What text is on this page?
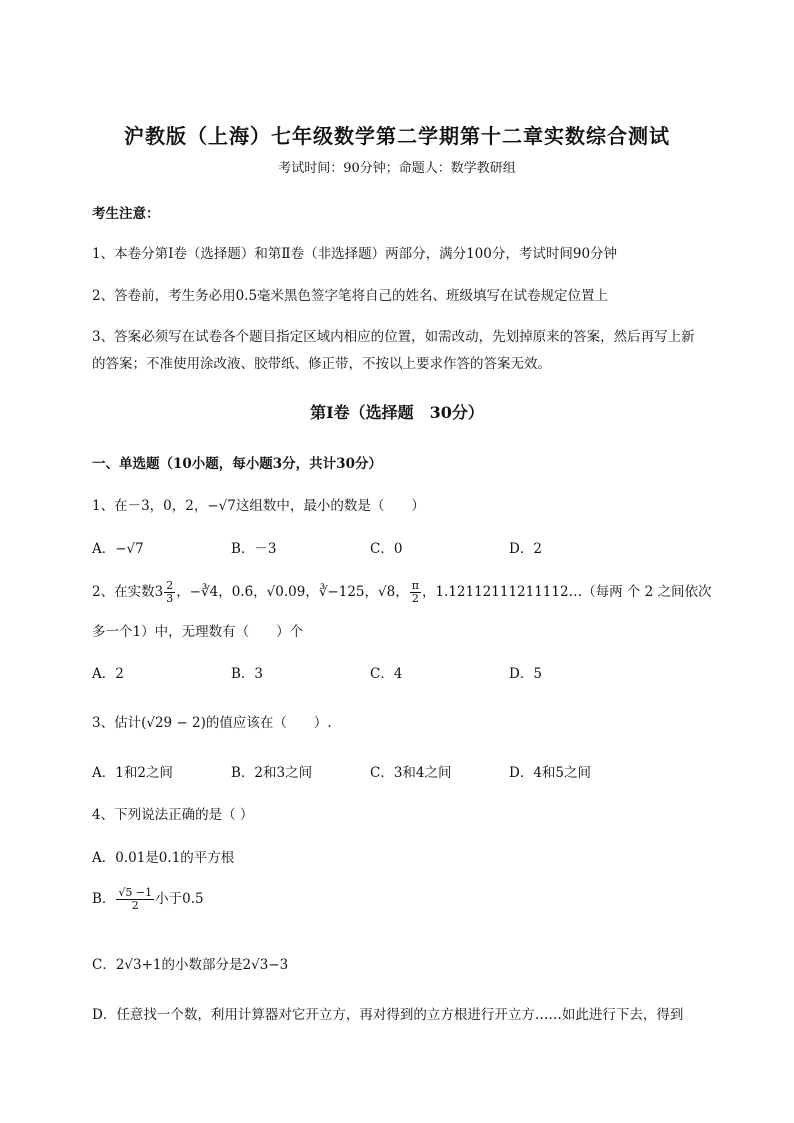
沪教版（上海）七年级数学第二学期第十二章实数综合测试
考试时间：90分钟；命题人：数学教研组
考生注意：
1、本卷分第I卷（选择题）和第Ⅱ卷（非选择题）两部分，满分100分，考试时间90分钟
2、答卷前，考生务必用0.5毫米黑色签字笔将自己的姓名、班级填写在试卷规定位置上
3、答案必须写在试卷各个题目指定区域内相应的位置，如需改动，先划掉原来的答案，然后再写上新
的答案；不准使用涂改液、胶带纸、修正带，不按以上要求作答的答案无效。
第I卷（选择题　30分）
一、单选题（10小题，每小题3分，共计30分）
1、在－3，0，2，−√7这组数中，最小的数是（　　）
A．−√7	B．－3	C．0	D．2
2、在实数$3 \frac{2}{3}$ ，−∛4，0.6̇，√0.09，∛−125，√8， $\frac{\pi}{2}$ ，1.12112111211112…（每两 个 2 之间依次
多一个1）中，无理数有（　　）个
A．2	B．3	C．4	D．5
3、估计(√29 − 2)的值应该在（　　）.
A．1和2之间	B．2和3之间	C．3和4之间	D．4和5之间
4、下列说法正确的是（ ）
A．0.01是0.1的平方根
B． $\frac{√5 -1}{2}$ 小于0.5
C．2√3+1的小数部分是2√3−3
D．任意找一个数，利用计算器对它开立方，再对得到的立方根进行开立方……如此进行下去，得到
